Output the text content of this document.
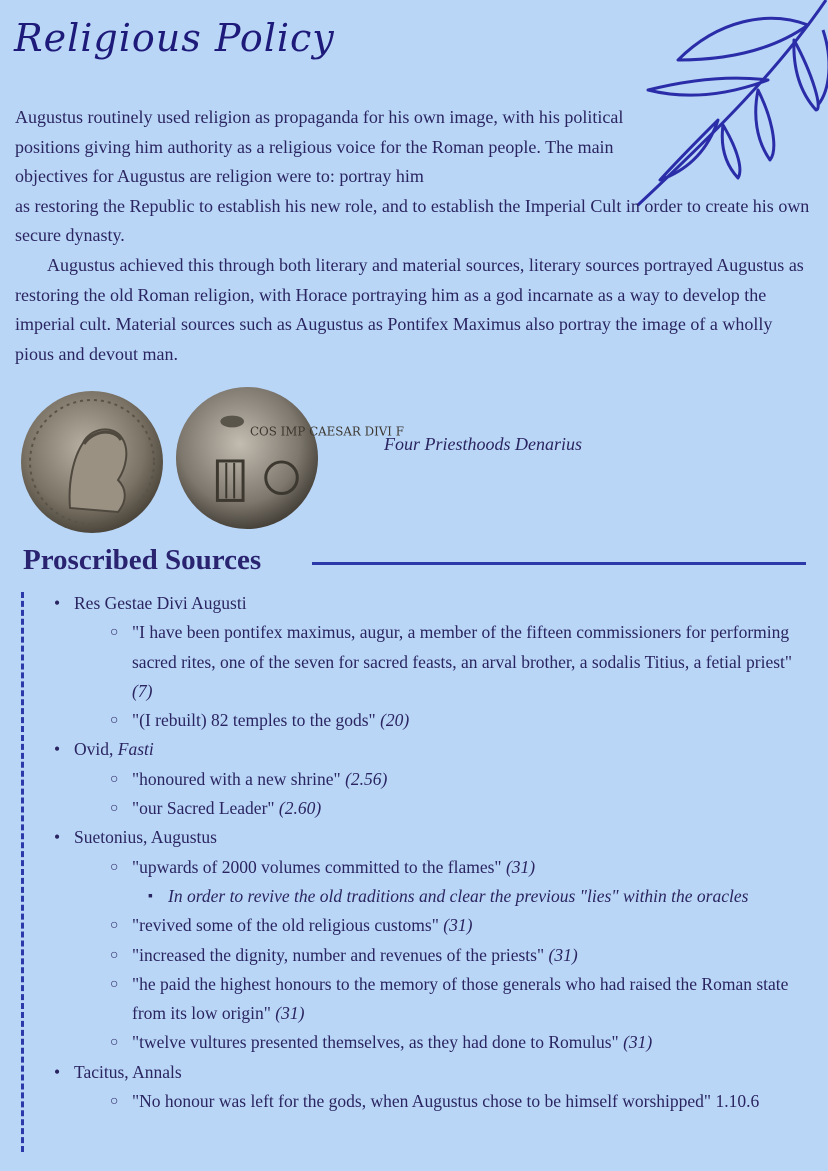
Religious Policy

Augustus routinely used religion as propaganda for his own image, with his political positions giving him authority as a religious voice for the Roman people. The main objectives for Augustus are religion were to: portray him

as restoring the Republic to establish his new role, and to establish the Imperial Cult in order to create his own secure dynasty.

Augustus achieved this through both literary and material sources, literary sources portrayed Augustus as restoring the old Roman religion, with Horace portraying him as a god incarnate as a way to develop the imperial cult. Material sources such as Augustus as Pontifex Maximus also portray the image of a wholly pious and devout man.

COS IMP CAESAR DIVI F
Four Priesthoods Denarius
Proscribed Sources
• Res Gestae Divi Augusti
○ "I have been pontifex maximus, augur, a member of the fifteen commissioners for performing sacred rites, one of the seven for sacred feasts, an arval brother, a sodalis Titius, a fetial priest" (7)
○ "(I rebuilt) 82 temples to the gods" (20)
• Ovid, Fasti
○ "honoured with a new shrine" (2.56)
○ "our Sacred Leader" (2.60)
• Suetonius, Augustus
○ "upwards of 2000 volumes committed to the flames" (31)
▪ In order to revive the old traditions and clear the previous "lies" within the oracles
○ "revived some of the old religious customs" (31)
○ "increased the dignity, number and revenues of the priests" (31)
○ "he paid the highest honours to the memory of those generals who had raised the Roman state from its low origin" (31)
○ "twelve vultures presented themselves, as they had done to Romulus" (31)
• Tacitus, Annals
○ "No honour was left for the gods, when Augustus chose to be himself worshipped" 1.10.6
